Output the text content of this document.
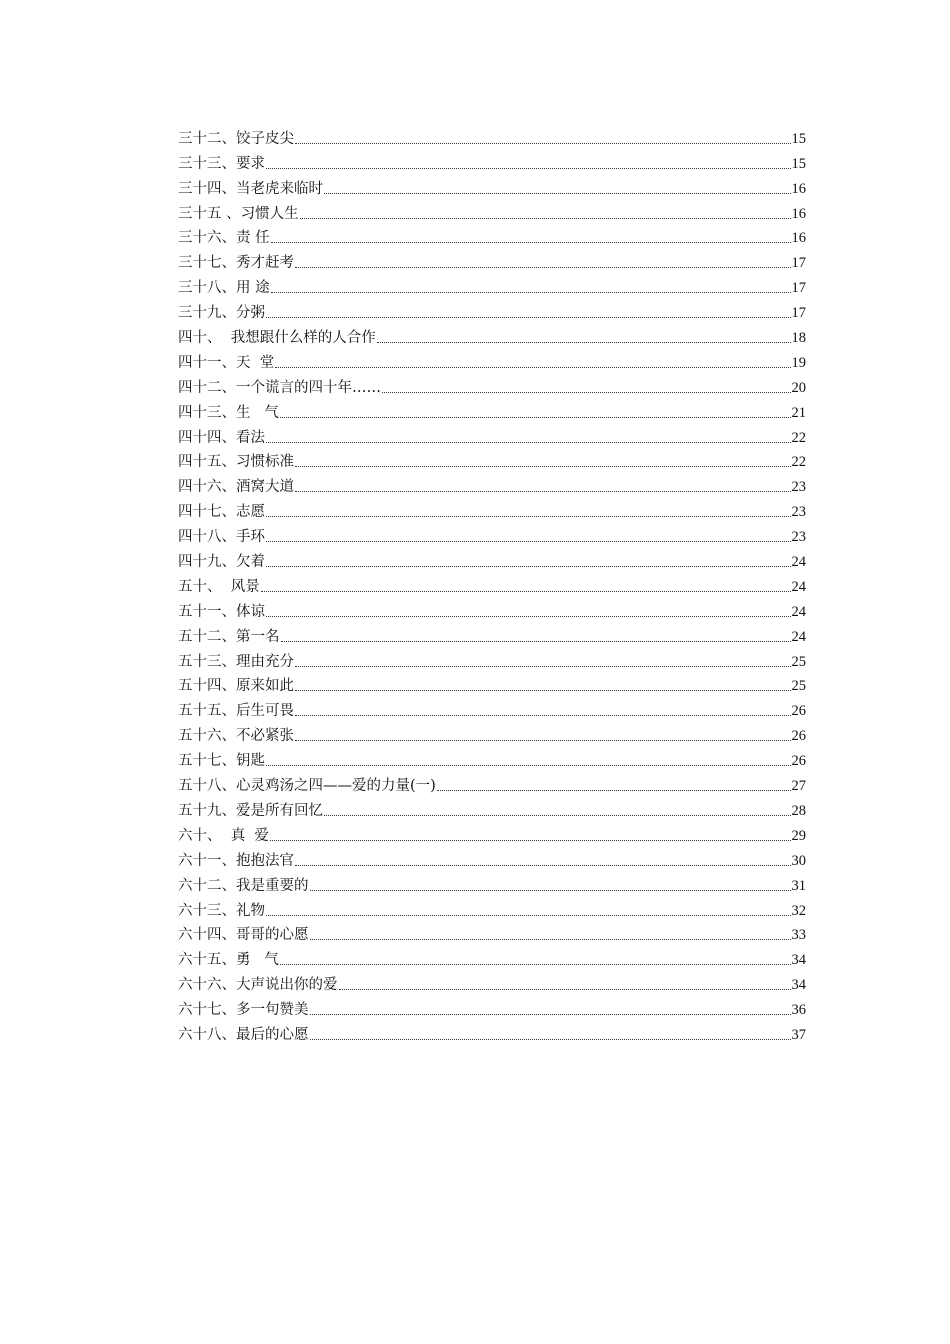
三十二、饺子皮尖	15
三十三、要求	15
三十四、当老虎来临时	16
三十五 、习惯人生	16
三十六、责 任	16
三十七、秀才赶考	17
三十八、用 途	17
三十九、分粥	17
四十、  我想跟什么样的人合作	18
四十一、天  堂	19
四十二、一个谎言的四十年……	20
四十三、生   气	21
四十四、看法	22
四十五、习惯标准	22
四十六、酒窝大道	23
四十七、志愿	23
四十八、手环	23
四十九、欠着	24
五十、  风景	24
五十一、体谅	24
五十二、第一名	24
五十三、理由充分	25
五十四、原来如此	25
五十五、后生可畏	26
五十六、不必紧张	26
五十七、钥匙	26
五十八、心灵鸡汤之四——爱的力量(一)	27
五十九、爱是所有回忆	28
六十、  真  爱	29
六十一、抱抱法官	30
六十二、我是重要的	31
六十三、礼物	32
六十四、哥哥的心愿	33
六十五、勇   气	34
六十六、大声说出你的爱	34
六十七、多一句赞美	36
六十八、最后的心愿	37
